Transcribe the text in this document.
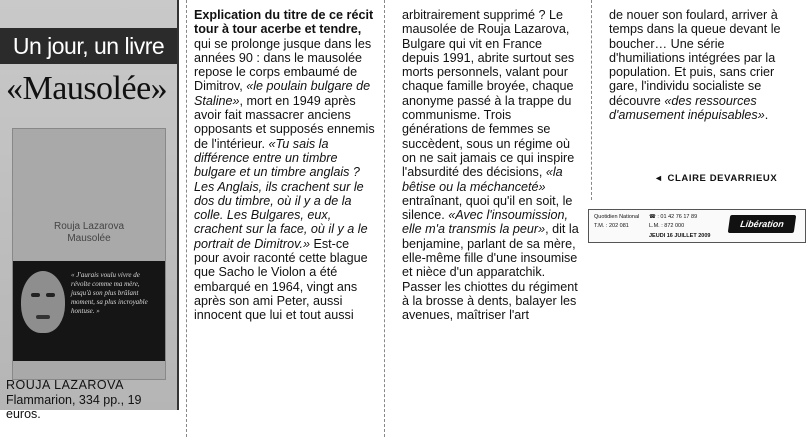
Un jour, un livre
«Mausolée»
Rouja Lazarova
Mausolée
« J'aurais voulu vivre de révolte comme ma mère, jusqu'à son plus brûlant moment, sa plus incroyable hontuse. »
ROUJA LAZAROVA
Flammarion, 334 pp., 19 euros.

Explication du titre de ce récit tour à tour acerbe et tendre, qui se prolonge jusque dans les années 90 : dans le mausolée repose le corps embaumé de Dimitrov, «le poulain bulgare de Staline», mort en 1949 après avoir fait massacrer anciens opposants et supposés ennemis de l'intérieur. «Tu sais la différence entre un timbre bulgare et un timbre anglais ? Les Anglais, ils crachent sur le dos du timbre, où il y a de la colle. Les Bulgares, eux, crachent sur la face, où il y a le portrait de Dimitrov.» Est-ce pour avoir raconté cette blague que Sacho le Violon a été embarqué en 1964, vingt ans après son ami Peter, aussi innocent que lui et tout aussi

arbitrairement supprimé ? Le mausolée de Rouja Lazarova, Bulgare qui vit en France depuis 1991, abrite surtout ses morts personnels, valant pour chaque famille broyée, chaque anonyme passé à la trappe du communisme. Trois générations de femmes se succèdent, sous un régime où on ne sait jamais ce qui inspire l'absurdité des décisions, «la bêtise ou la méchanceté» entraînant, quoi qu'il en soit, le silence. «Avec l'insoumission, elle m'a transmis la peur», dit la benjamine, parlant de sa mère, elle-même fille d'une insoumise et nièce d'un apparatchik. Passer les chiottes du régiment à la brosse à dents, balayer les avenues, maîtriser l'art

de nouer son foulard, arriver à temps dans la queue devant le boucher… Une série d'humiliations intégrées par la population. Et puis, sans crier gare, l'individu socialiste se découvre «des ressources d'amusement inépuisables».

◄ CLAIRE DEVARRIEUX
Quotidien National
T.M. : 202 081
☎ : 01 42 76 17 89
L.M. : 872 000
JEUDI 16 JUILLET 2009
Libération
